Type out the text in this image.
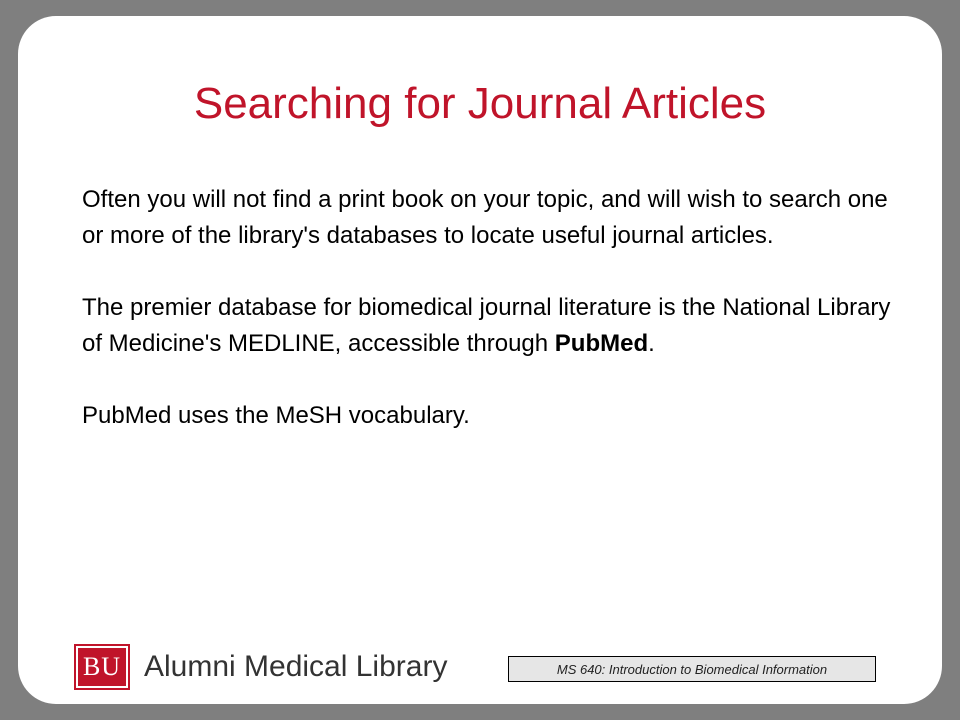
Searching for Journal Articles

Often you will not find a print book on your topic, and will wish to search one or more of the library's databases to locate useful journal articles.

The premier database for biomedical journal literature is the National Library of Medicine's MEDLINE, accessible through PubMed.

PubMed uses the MeSH vocabulary.

BU Alumni Medical Library	MS 640: Introduction to Biomedical Information
